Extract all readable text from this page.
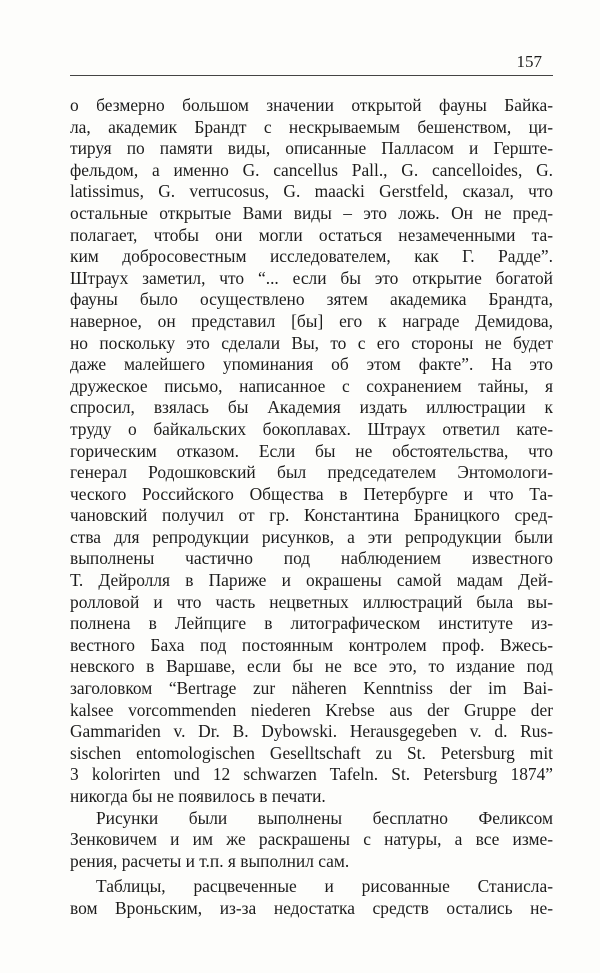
157

о безмерно большом значении открытой фауны Байка-
ла, академик Брандт с нескрываемым бешенством, ци-
тируя по памяти виды, описанные Палласом и Герште-
фельдом, а именно G. cancellus Pall., G. cancelloides, G.
latissimus, G. verrucosus, G. maacki Gerstfeld, сказал, что
остальные открытые Вами виды – это ложь. Он не пред-
полагает, чтобы они могли остаться незамеченными та-
ким добросовестным исследователем, как Г. Радде”.
Штраух заметил, что “... если бы это открытие богатой
фауны было осуществлено зятем академика Брандта,
наверное, он представил [бы] его к награде Демидова,
но поскольку это сделали Вы, то с его стороны не будет
даже малейшего упоминания об этом факте”. На это
дружеское письмо, написанное с сохранением тайны, я
спросил, взялась бы Академия издать иллюстрации к
труду о байкальских бокоплавах. Штраух ответил кате-
горическим отказом. Если бы не обстоятельства, что
генерал Родошковский был председателем Энтомологи-
ческого Российского Общества в Петербурге и что Та-
чановский получил от гр. Константина Браницкого сред-
ства для репродукции рисунков, а эти репродукции были
выполнены частично под наблюдением известного
Т. Дейролля в Париже и окрашены самой мадам Дей-
ролловой и что часть нецветных иллюстраций была вы-
полнена в Лейпциге в литографическом институте из-
вестного Баха под постоянным контролем проф. Вжесь-
невского в Варшаве, если бы не все это, то издание под
заголовком “Bertrage zur näheren Kenntniss der im Bai-
kalsee vorcommenden niederen Krebse aus der Gruppe der
Gammariden v. Dr. B. Dybowski. Herausgegeben v. d. Rus-
sischen entomologischen Geselltschaft zu St. Petersburg mit
3 kolorirten und 12 schwarzen Tafeln. St. Petersburg 1874”
никогда бы не появилось в печати.
Рисунки были выполнены бесплатно Феликсом
Зенковичем и им же раскрашены с натуры, а все изме-
рения, расчеты и т.п. я выполнил сам.
Таблицы, расцвеченные и рисованные Станисла-
вом Вроньским, из-за недостатка средств остались не-
